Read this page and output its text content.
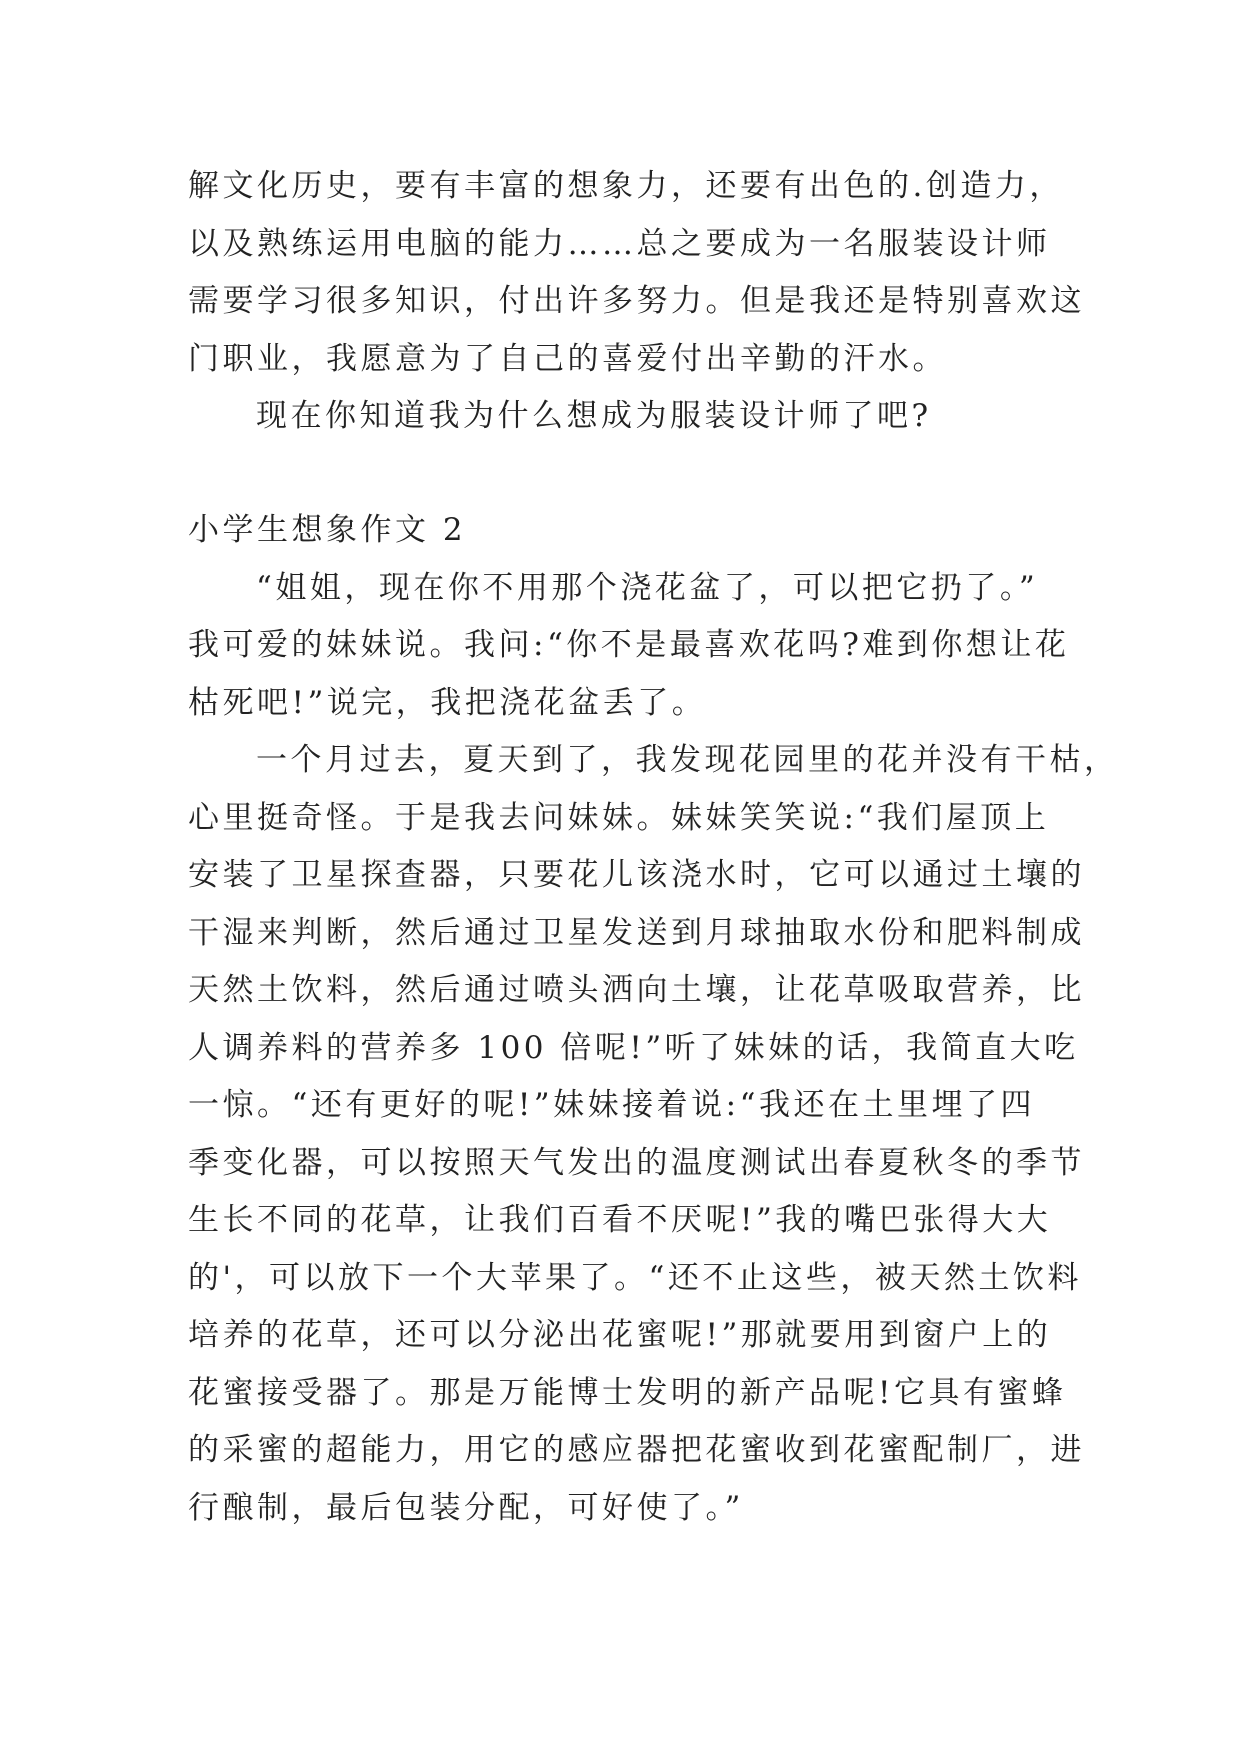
解文化历史，要有丰富的想象力，还要有出色的.创造力，
以及熟练运用电脑的能力……总之要成为一名服装设计师
需要学习很多知识，付出许多努力。但是我还是特别喜欢这
门职业，我愿意为了自己的喜爱付出辛勤的汗水。
现在你知道我为什么想成为服装设计师了吧?
小学生想象作文 2
“姐姐，现在你不用那个浇花盆了，可以把它扔了。”
我可爱的妹妹说。我问:“你不是最喜欢花吗?难到你想让花
枯死吧!”说完，我把浇花盆丢了。
一个月过去，夏天到了，我发现花园里的花并没有干枯，
心里挺奇怪。于是我去问妹妹。妹妹笑笑说:“我们屋顶上
安装了卫星探查器，只要花儿该浇水时，它可以通过土壤的
干湿来判断，然后通过卫星发送到月球抽取水份和肥料制成
天然土饮料，然后通过喷头洒向土壤，让花草吸取营养，比
人调养料的营养多 100 倍呢!”听了妹妹的话，我简直大吃
一惊。“还有更好的呢!”妹妹接着说:“我还在土里埋了四
季变化器，可以按照天气发出的温度测试出春夏秋冬的季节
生长不同的花草，让我们百看不厌呢!”我的嘴巴张得大大
的'，可以放下一个大苹果了。“还不止这些，被天然土饮料
培养的花草，还可以分泌出花蜜呢!”那就要用到窗户上的
花蜜接受器了。那是万能博士发明的新产品呢!它具有蜜蜂
的采蜜的超能力，用它的感应器把花蜜收到花蜜配制厂，进
行酿制，最后包装分配，可好使了。”
